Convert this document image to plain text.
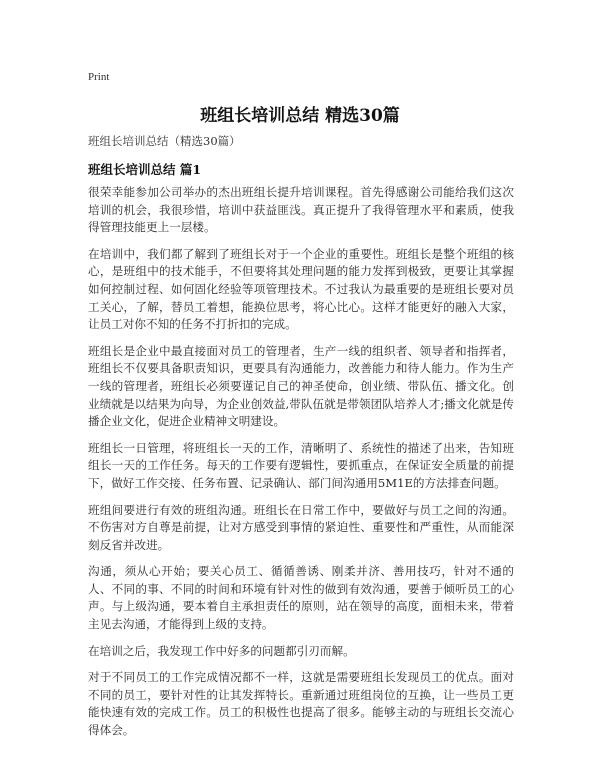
Print
班组长培训总结 精选30篇
班组长培训总结（精选30篇）
班组长培训总结 篇1

很荣幸能参加公司举办的杰出班组长提升培训课程。首先得感谢公司能给我们这次培训的机会，我很珍惜，培训中获益匪浅。真正提升了我得管理水平和素质，使我得管理技能更上一层楼。

在培训中，我们都了解到了班组长对于一个企业的重要性。班组长是整个班组的核心，是班组中的技术能手，不但要将其处理问题的能力发挥到极致，更要让其掌握如何控制过程、如何固化经验等项管理技术。不过我认为最重要的是班组长要对员工关心，了解，替员工着想，能换位思考，将心比心。这样才能更好的融入大家，让员工对你不知的任务不打折扣的完成。

班组长是企业中最直接面对员工的管理者，生产一线的组织者、领导者和指挥者，班组长不仅要具备职责知识，更要具有沟通能力，改善能力和待人能力。作为生产一线的管理者，班组长必须要谨记自己的神圣使命，创业绩、带队伍、播文化。创业绩就是以结果为向导，为企业创效益,带队伍就是带领团队培养人才;播文化就是传播企业文化，促进企业精神文明建设。

班组长一日管理，将班组长一天的工作，清晰明了、系统性的描述了出来，告知班组长一天的工作任务。每天的工作要有逻辑性，要抓重点，在保证安全质量的前提下，做好工作交接、任务布置、记录确认、部门间沟通用5M1E的方法排查问题。

班组间要进行有效的班组沟通。班组长在日常工作中，要做好与员工之间的沟通。不伤害对方自尊是前提，让对方感受到事情的紧迫性、重要性和严重性，从而能深刻反省并改进。

沟通，须从心开始；要关心员工、循循善诱、刚柔并济、善用技巧，针对不通的人、不同的事、不同的时间和环境有针对性的做到有效沟通，要善于倾听员工的心声。与上级沟通，要本着自主承担责任的原则，站在领导的高度，面相未来，带着主见去沟通，才能得到上级的支持。

在培训之后，我发现工作中好多的问题都引刃而解。

对于不同员工的工作完成情况都不一样，这就是需要班组长发现员工的优点。面对不同的员工，要针对性的让其发挥特长。重新通过班组岗位的互换，让一些员工更能快速有效的完成工作。员工的积极性也提高了很多。能够主动的与班组长交流心得体会。
